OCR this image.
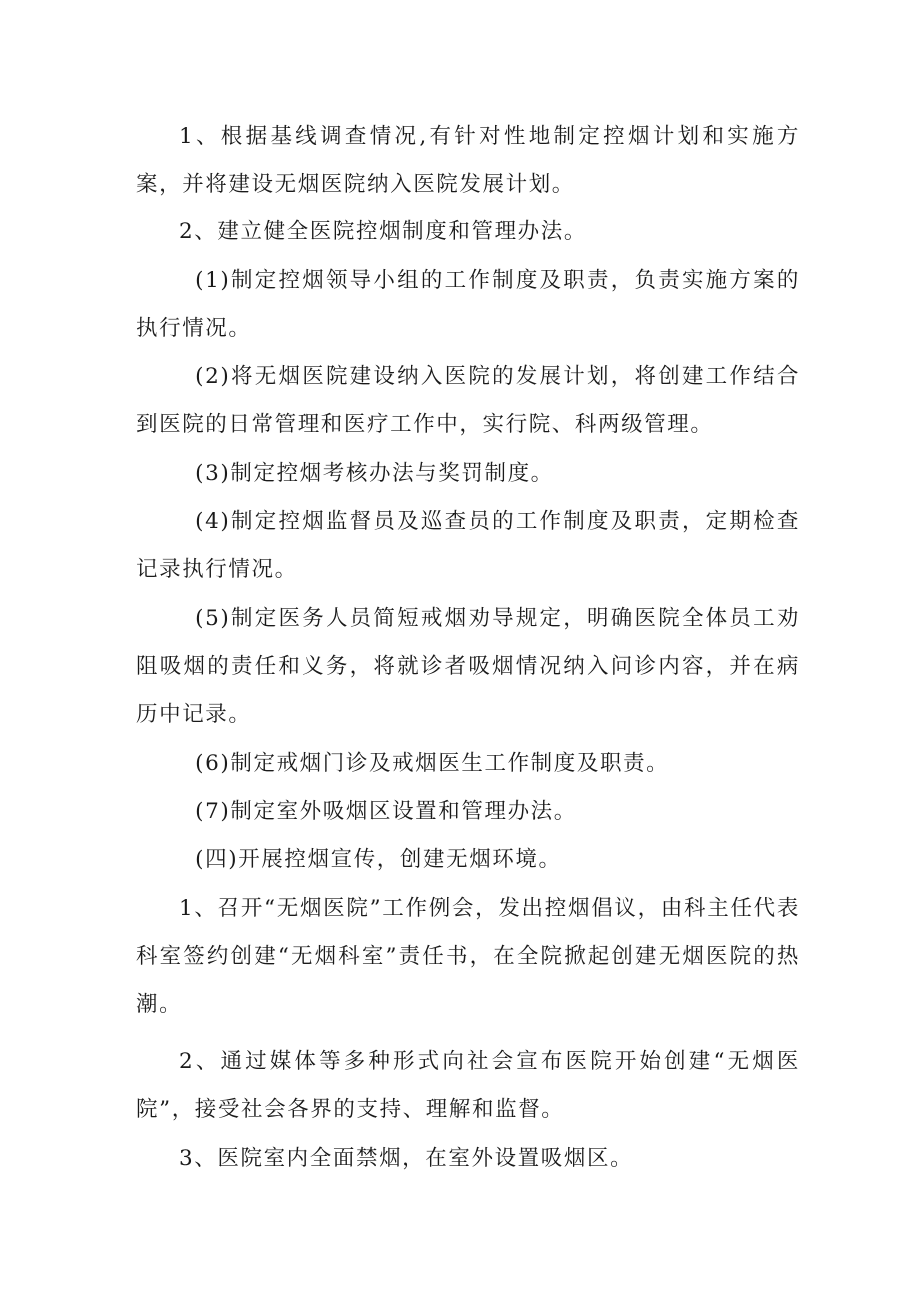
1、根据基线调查情况,有针对性地制定控烟计划和实施方案，并将建设无烟医院纳入医院发展计划。

2、建立健全医院控烟制度和管理办法。

(1)制定控烟领导小组的工作制度及职责，负责实施方案的执行情况。

(2)将无烟医院建设纳入医院的发展计划，将创建工作结合到医院的日常管理和医疗工作中，实行院、科两级管理。

(3)制定控烟考核办法与奖罚制度。

(4)制定控烟监督员及巡查员的工作制度及职责，定期检查记录执行情况。

(5)制定医务人员简短戒烟劝导规定，明确医院全体员工劝阻吸烟的责任和义务，将就诊者吸烟情况纳入问诊内容，并在病历中记录。

(6)制定戒烟门诊及戒烟医生工作制度及职责。

(7)制定室外吸烟区设置和管理办法。

(四)开展控烟宣传，创建无烟环境。

1、召开“无烟医院”工作例会，发出控烟倡议，由科主任代表科室签约创建“无烟科室”责任书，在全院掀起创建无烟医院的热潮。

2、通过媒体等多种形式向社会宣布医院开始创建“无烟医院”，接受社会各界的支持、理解和监督。

3、医院室内全面禁烟，在室外设置吸烟区。
